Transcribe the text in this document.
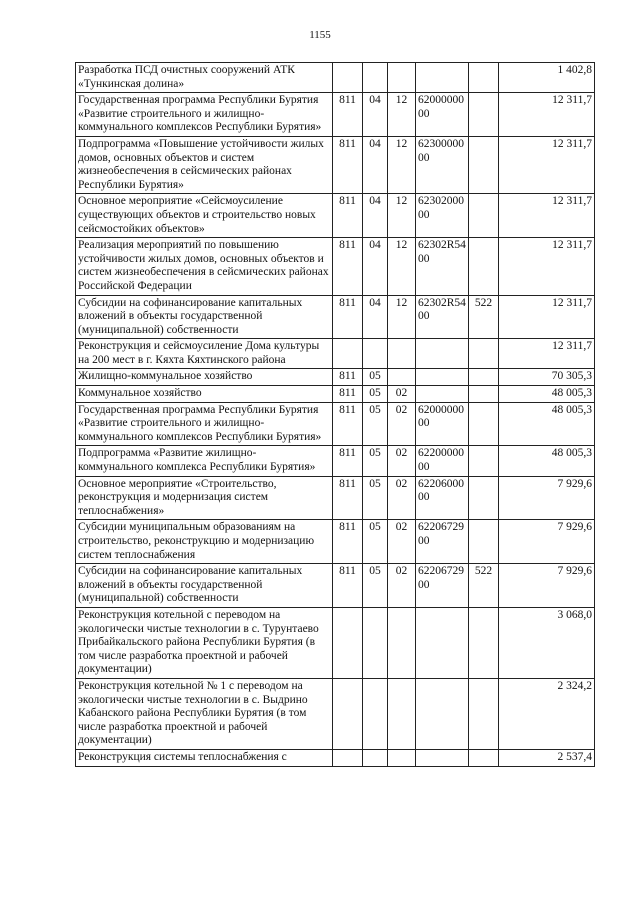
1155
Разработка ПСД очистных сооружений АТК «Тункинская долина»						1 402,8
Государственная программа Республики Бурятия «Развитие строительного и жилищно-коммунального комплексов Республики Бурятия»	811	04	12	6200000000		12 311,7
Подпрограмма «Повышение устойчивости жилых домов, основных объектов и систем жизнеобеспечения в сейсмических районах Республики Бурятия»	811	04	12	6230000000		12 311,7
Основное мероприятие «Сейсмоусиление существующих объектов и строительство новых сейсмостойких объектов»	811	04	12	6230200000		12 311,7
Реализация мероприятий по повышению устойчивости жилых домов, основных объектов и систем жизнеобеспечения в сейсмических районах Российской Федерации	811	04	12	62302R5400		12 311,7
Субсидии на софинансирование капитальных вложений в объекты государственной (муниципальной) собственности	811	04	12	62302R5400	522	12 311,7
Реконструкция и сейсмоусиление Дома культуры на 200 мест в г. Кяхта Кяхтинского района						12 311,7
Жилищно-коммунальное хозяйство	811	05				70 305,3
Коммунальное хозяйство	811	05	02			48 005,3
Государственная программа Республики Бурятия «Развитие строительного и жилищно-коммунального комплексов Республики Бурятия»	811	05	02	6200000000		48 005,3
Подпрограмма «Развитие жилищно-коммунального комплекса Республики Бурятия»	811	05	02	6220000000		48 005,3
Основное мероприятие «Строительство, реконструкция и модернизация систем теплоснабжения»	811	05	02	6220600000		7 929,6
Субсидии муниципальным образованиям на строительство, реконструкцию и модернизацию систем теплоснабжения	811	05	02	6220672900		7 929,6
Субсидии на софинансирование капитальных вложений в объекты государственной (муниципальной) собственности	811	05	02	6220672900	522	7 929,6
Реконструкция котельной с переводом на экологически чистые технологии в с. Турунтаево Прибайкальского района Республики Бурятия (в том числе разработка проектной и рабочей документации)						3 068,0
Реконструкция котельной № 1 с переводом на экологически чистые технологии в с. Выдрино Кабанского района Республики Бурятия (в том числе разработка проектной и рабочей документации)						2 324,2
Реконструкция системы теплоснабжения с						2 537,4
